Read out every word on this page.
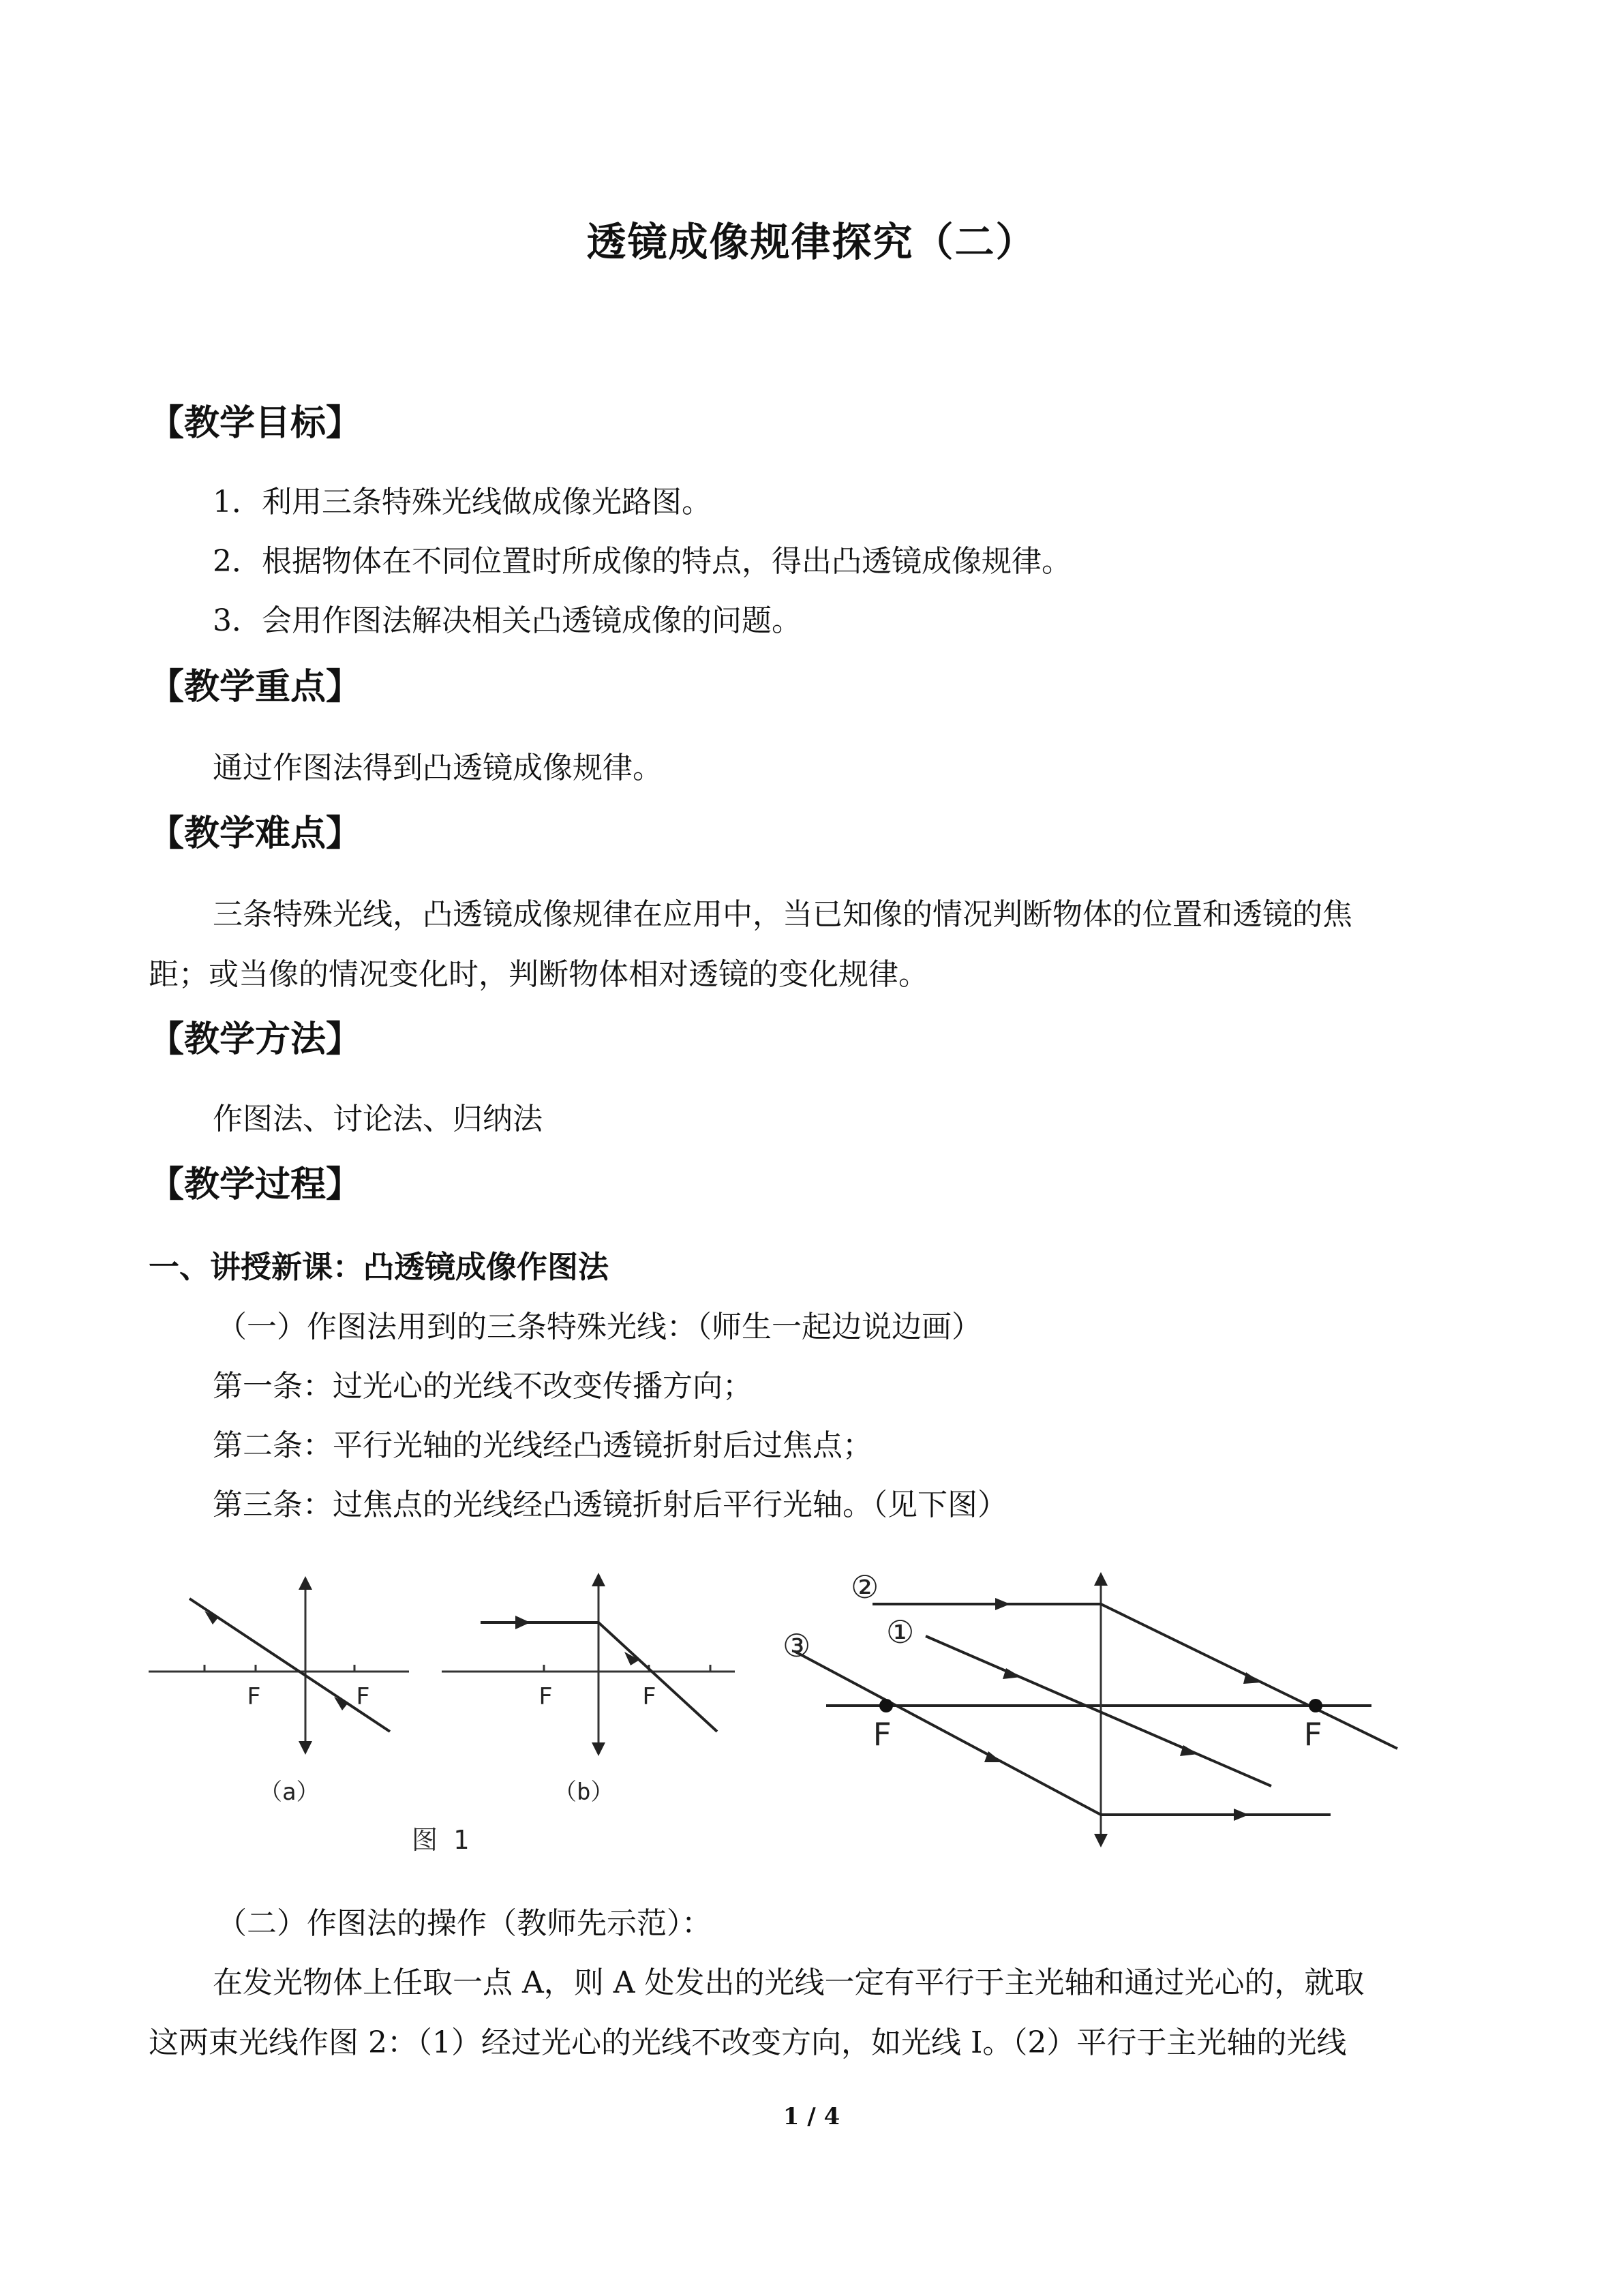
透镜成像规律探究（二）

【教学目标】

1．利用三条特殊光线做成像光路图。

2．根据物体在不同位置时所成像的特点，得出凸透镜成像规律。

3．会用作图法解决相关凸透镜成像的问题。

【教学重点】

通过作图法得到凸透镜成像规律。

【教学难点】

三条特殊光线，凸透镜成像规律在应用中，当已知像的情况判断物体的位置和透镜的焦

距；或当像的情况变化时，判断物体相对透镜的变化规律。

【教学方法】

作图法、讨论法、归纳法

【教学过程】

一、讲授新课：凸透镜成像作图法

（一）作图法用到的三条特殊光线：（师生一起边说边画）

第一条：过光心的光线不改变传播方向；

第二条：平行光轴的光线经凸透镜折射后过焦点；

第三条：过焦点的光线经凸透镜折射后平行光轴。（见下图）

F	F
（a）
F	F
（b）
图 1
②
①
③
F	F

（二）作图法的操作（教师先示范）：

在发光物体上任取一点 A，则 A 处发出的光线一定有平行于主光轴和通过光心的，就取

这两束光线作图 2：（1）经过光心的光线不改变方向，如光线 I。（2）平行于主光轴的光线

1 / 4
